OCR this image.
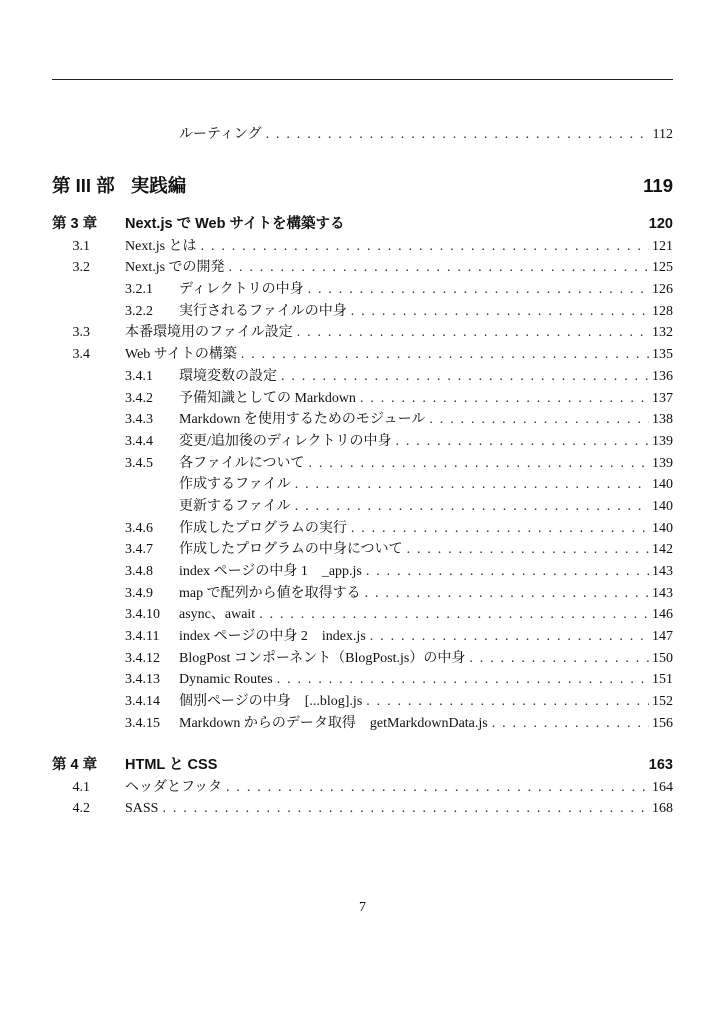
ルーティング . . .	112
第 III 部 実践編	119
第 3 章	Next.js で Web サイトを構築する	120
3.1	Next.js とは . . .	121
3.2	Next.js での開発 . . .	125
3.2.1	ディレクトリの中身 . . .	126
3.2.2	実行されるファイルの中身 . . .	128
3.3	本番環境用のファイル設定 . . .	132
3.4	Web サイトの構築 . . .	135
3.4.1	環境変数の設定 . . .	136
3.4.2	予備知識としての Markdown . . .	137
3.4.3	Markdown を使用するためのモジュール . . .	138
3.4.4	変更/追加後のディレクトリの中身 . . .	139
3.4.5	各ファイルについて . . .	139
作成するファイル . . .	140
更新するファイル . . .	140
3.4.6	作成したプログラムの実行 . . .	140
3.4.7	作成したプログラムの中身について . . .	142
3.4.8	index ページの中身 1　_app.js . . .	143
3.4.9	map で配列から値を取得する . . .	143
3.4.10	async、await . . .	146
3.4.11	index ページの中身 2　index.js . . .	147
3.4.12	BlogPost コンポーネント（BlogPost.js）の中身 . . .	150
3.4.13	Dynamic Routes . . .	151
3.4.14	個別ページの中身　[...blog].js . . .	152
3.4.15	Markdown からのデータ取得　getMarkdownData.js . . .	156
第 4 章	HTML と CSS	163
4.1	ヘッダとフッタ . . .	164
4.2	SASS . . .	168
7
